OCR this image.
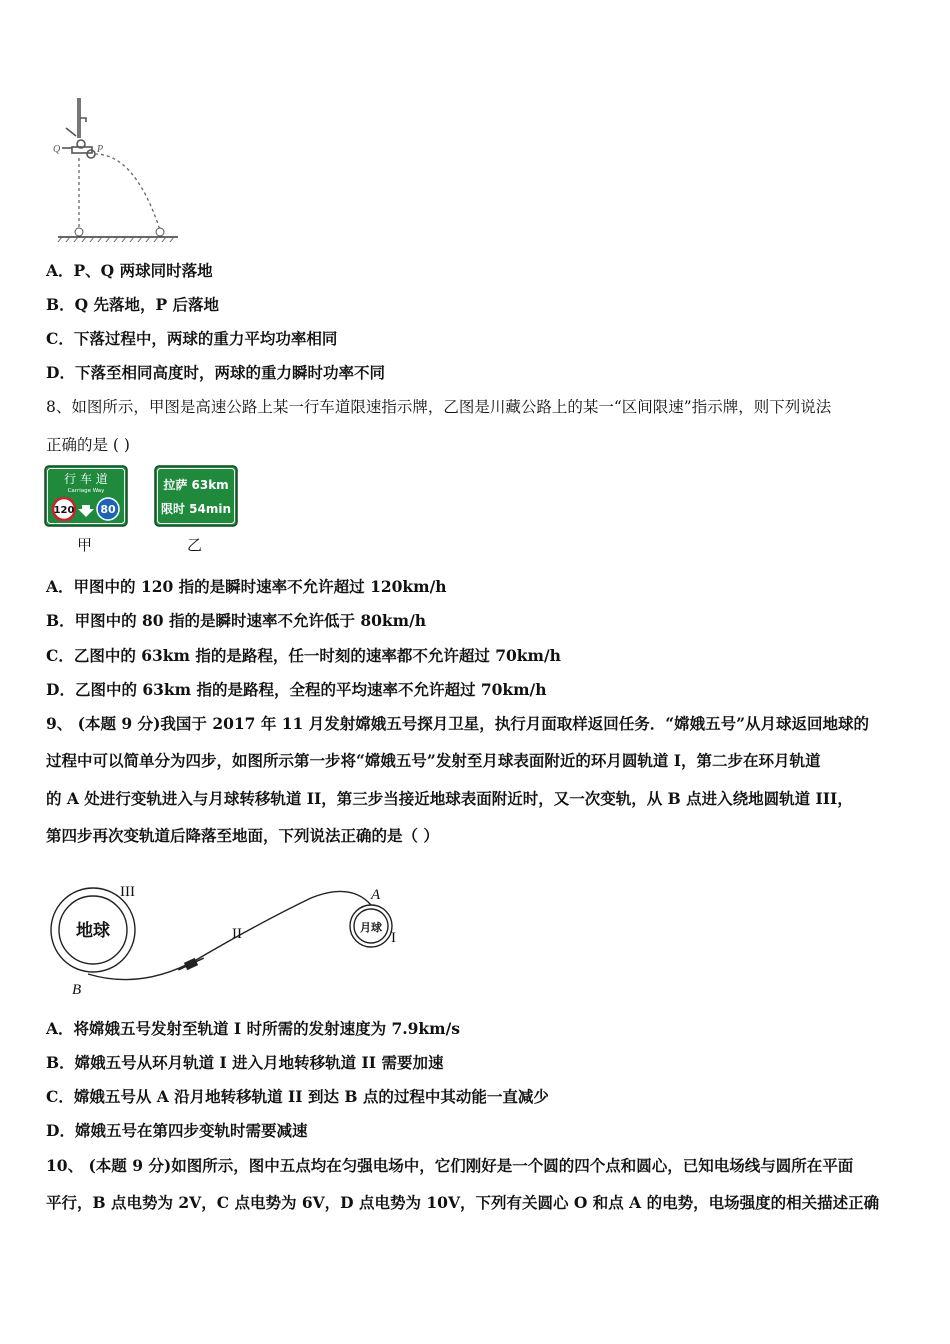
Q	P
A．P、Q 两球同时落地
B．Q 先落地，P 后落地
C．下落过程中，两球的重力平均功率相同
D．下落至相同高度时，两球的重力瞬时功率不同
8、如图所示，甲图是高速公路上某一行车道限速指示牌，乙图是川藏公路上的某一“区间限速”指示牌，则下列说法
正确的是 ( )
行 车 道
Carriage Way
120 80
甲
拉萨 63km
限时 54min
乙
A．甲图中的 120 指的是瞬时速率不允许超过 120km/h
B．甲图中的 80 指的是瞬时速率不允许低于 80km/h
C．乙图中的 63km 指的是路程，任一时刻的速率都不允许超过 70km/h
D．乙图中的 63km 指的是路程，全程的平均速率不允许超过 70km/h
9、 (本题 9 分)我国于 2017 年 11 月发射嫦娥五号探月卫星，执行月面取样返回任务．“嫦娥五号”从月球返回地球的
过程中可以简单分为四步，如图所示第一步将“嫦娥五号”发射至月球表面附近的环月圆轨道 I，第二步在环月轨道
的 A 处进行变轨进入与月球转移轨道 II，第三步当接近地球表面附近时，又一次变轨，从 B 点进入绕地圆轨道 III，
第四步再次变轨道后降落至地面，下列说法正确的是（ ）
地球	月球
III
II	I
A
B
A．将嫦娥五号发射至轨道 I 时所需的发射速度为 7.9km/s
B．嫦娥五号从环月轨道 I 进入月地转移轨道 II 需要加速
C．嫦娥五号从 A 沿月地转移轨道 II 到达 B 点的过程中其动能一直减少
D．嫦娥五号在第四步变轨时需要减速
10、 (本题 9 分)如图所示，图中五点均在匀强电场中，它们刚好是一个圆的四个点和圆心，已知电场线与圆所在平面
平行，B 点电势为 2V，C 点电势为 6V，D 点电势为 10V，下列有关圆心 O 和点 A 的电势，电场强度的相关描述正确
